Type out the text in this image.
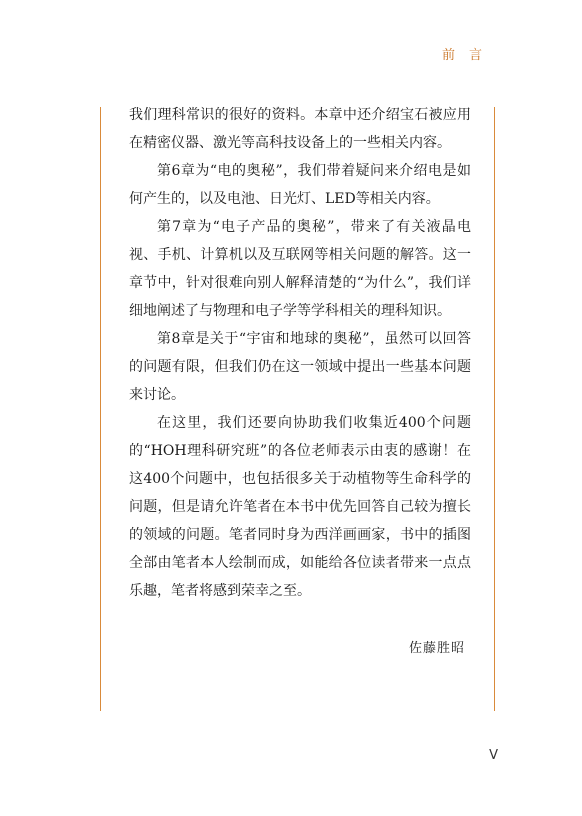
前言

我们理科常识的很好的资料。本章中还介绍宝石被应用在精密仪器、激光等高科技设备上的一些相关内容。

第6章为“电的奥秘”，我们带着疑问来介绍电是如何产生的，以及电池、日光灯、LED等相关内容。

第7章为“电子产品的奥秘”，带来了有关液晶电视、手机、计算机以及互联网等相关问题的解答。这一章节中，针对很难向别人解释清楚的“为什么”，我们详细地阐述了与物理和电子学等学科相关的理科知识。

第8章是关于“宇宙和地球的奥秘”，虽然可以回答的问题有限，但我们仍在这一领域中提出一些基本问题来讨论。

在这里，我们还要向协助我们收集近400个问题的“HOH理科研究班”的各位老师表示由衷的感谢！在这400个问题中，也包括很多关于动植物等生命科学的问题，但是请允许笔者在本书中优先回答自己较为擅长的领域的问题。笔者同时身为西洋画画家，书中的插图全部由笔者本人绘制而成，如能给各位读者带来一点点乐趣，笔者将感到荣幸之至。

佐藤胜昭
V
